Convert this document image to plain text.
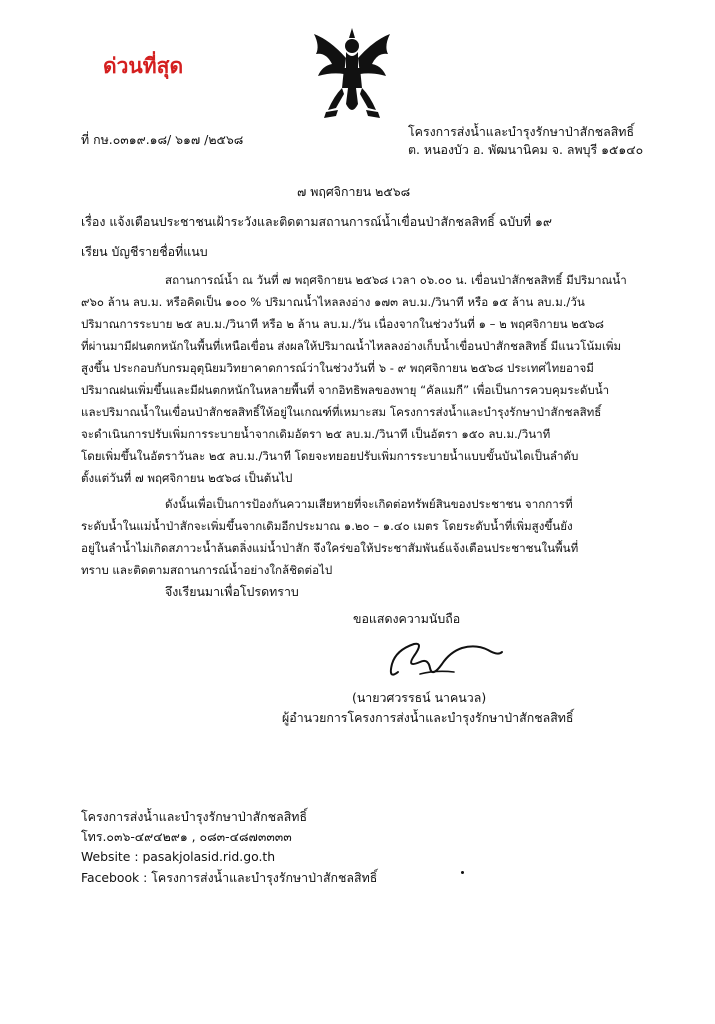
ด่วนที่สุด
ที่ กษ.๐๓๑๙.๑๘/ ๖๑๗ /๒๕๖๘
โครงการส่งน้ำและบำรุงรักษาป่าสักชลสิทธิ์
ต. หนองบัว อ. พัฒนานิคม จ. ลพบุรี ๑๕๑๔๐
๗ พฤศจิกายน ๒๕๖๘
เรื่อง แจ้งเตือนประชาชนเฝ้าระวังและติดตามสถานการณ์น้ำเขื่อนป่าสักชลสิทธิ์ ฉบับที่ ๑๙
เรียน บัญชีรายชื่อที่แนบ
สถานการณ์น้ำ ณ วันที่ ๗ พฤศจิกายน ๒๕๖๘ เวลา ๐๖.๐๐ น. เขื่อนป่าสักชลสิทธิ์ มีปริมาณน้ำ
๙๖๐ ล้าน ลบ.ม. หรือคิดเป็น ๑๐๐ % ปริมาณน้ำไหลลงอ่าง ๑๗๓ ลบ.ม./วินาที หรือ ๑๕ ล้าน ลบ.ม./วัน
ปริมาณการระบาย ๒๕ ลบ.ม./วินาที หรือ ๒ ล้าน ลบ.ม./วัน เนื่องจากในช่วงวันที่ ๑ – ๒ พฤศจิกายน ๒๕๖๘
ที่ผ่านมามีฝนตกหนักในพื้นที่เหนือเขื่อน ส่งผลให้ปริมาณน้ำไหลลงอ่างเก็บน้ำเขื่อนป่าสักชลสิทธิ์ มีแนวโน้มเพิ่ม
สูงขึ้น ประกอบกับกรมอุตุนิยมวิทยาคาดการณ์ว่าในช่วงวันที่ ๖ - ๙ พฤศจิกายน ๒๕๖๘ ประเทศไทยอาจมี
ปริมาณฝนเพิ่มขึ้นและมีฝนตกหนักในหลายพื้นที่ จากอิทธิพลของพายุ “คัลแมกี” เพื่อเป็นการควบคุมระดับน้ำ
และปริมาณน้ำในเขื่อนป่าสักชลสิทธิ์ให้อยู่ในเกณฑ์ที่เหมาะสม โครงการส่งน้ำและบำรุงรักษาป่าสักชลสิทธิ์
จะดำเนินการปรับเพิ่มการระบายน้ำจากเดิมอัตรา ๒๕ ลบ.ม./วินาที เป็นอัตรา ๑๕๐ ลบ.ม./วินาที
โดยเพิ่มขึ้นในอัตราวันละ ๒๕ ลบ.ม./วินาที โดยจะทยอยปรับเพิ่มการระบายน้ำแบบขั้นบันไดเป็นลำดับ
ตั้งแต่วันที่ ๗ พฤศจิกายน ๒๕๖๘ เป็นต้นไป
ดังนั้นเพื่อเป็นการป้องกันความเสียหายที่จะเกิดต่อทรัพย์สินของประชาชน จากการที่
ระดับน้ำในแม่น้ำป่าสักจะเพิ่มขึ้นจากเดิมอีกประมาณ ๑.๒๐ – ๑.๔๐ เมตร โดยระดับน้ำที่เพิ่มสูงขึ้นยัง
อยู่ในลำน้ำไม่เกิดสภาวะน้ำล้นตลิ่งแม่น้ำป่าสัก จึงใคร่ขอให้ประชาสัมพันธ์แจ้งเตือนประชาชนในพื้นที่
ทราบ และติดตามสถานการณ์น้ำอย่างใกล้ชิดต่อไป
จึงเรียนมาเพื่อโปรดทราบ
ขอแสดงความนับถือ
(นายวศวรรธน์ นาคนวล)
ผู้อำนวยการโครงการส่งน้ำและบำรุงรักษาป่าสักชลสิทธิ์
โครงการส่งน้ำและบำรุงรักษาป่าสักชลสิทธิ์
โทร.๐๓๖-๔๙๔๒๙๑ , ๐๘๓-๔๘๗๓๓๓๓
Website : pasakjolasid.rid.go.th
Facebook : โครงการส่งน้ำและบำรุงรักษาป่าสักชลสิทธิ์
